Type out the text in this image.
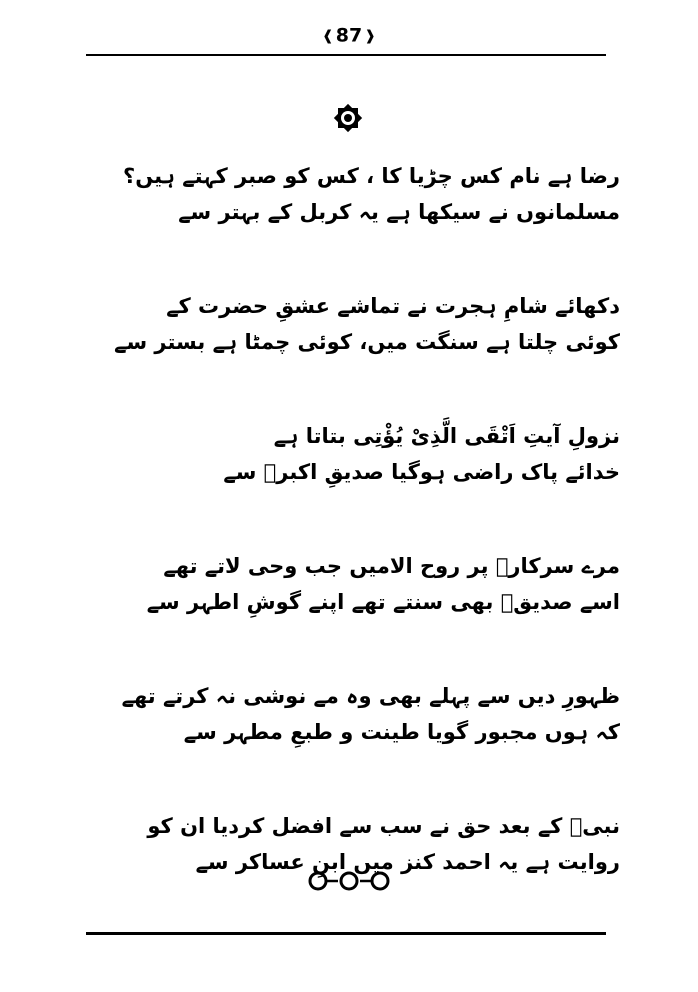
❰ 87 ❱
رضا ہے نام کس چڑیا کا ، کس کو صبر کہتے ہیں؟
مسلمانوں نے سیکھا ہے یہ کربل کے بہتر سے
دکھائے شامِ ہجرت نے تماشے عشقِ حضرت کے
کوئی چلتا ہے سنگت میں، کوئی چمٹا ہے بستر سے
نزولِ آیتِ اَتْقَی الَّذِیْ یُؤْتِی بتاتا ہے
خدائے پاک راضی ہوگیا صدیقِ اکبرؓ سے
مرے سرکارؐ پر روح الامیں جب وحی لاتے تھے
اسے صدیقؓ بھی سنتے تھے اپنے گوشِ اطہر سے
ظہورِ دیں سے پہلے بھی وہ مے نوشی نہ کرتے تھے
کہ ہوں مجبور گویا طینت و طبعِ مطہر سے
نبیؐ کے بعد حق نے سب سے افضل کردیا ان کو
روایت ہے یہ احمد کنز میں ابنِ عساکر سے
